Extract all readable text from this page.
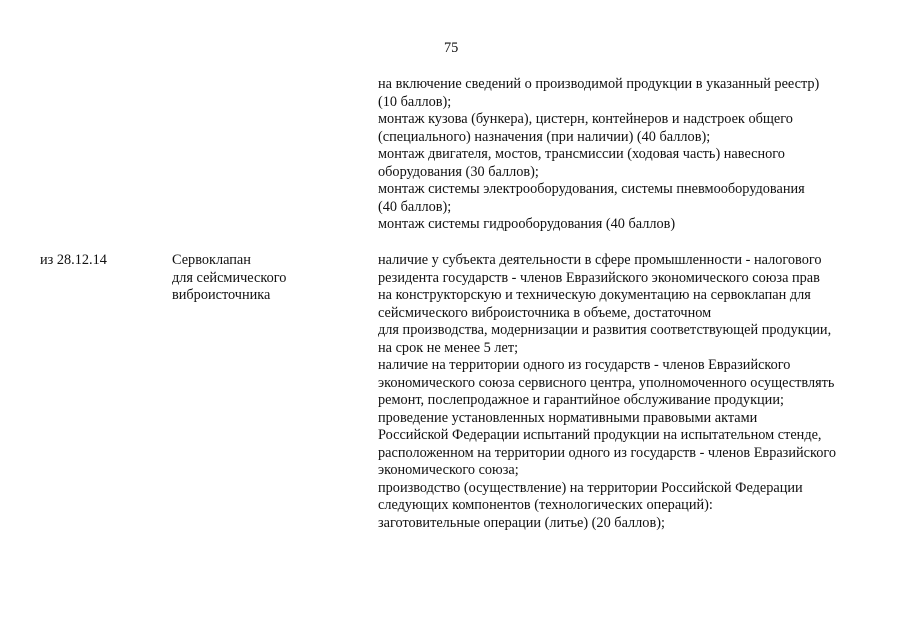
75
на включение сведений о производимой продукции в указанный реестр)
(10 баллов);
монтаж кузова (бункера), цистерн, контейнеров и надстроек общего
(специального) назначения (при наличии) (40 баллов);
монтаж двигателя, мостов, трансмиссии (ходовая часть) навесного
оборудования (30 баллов);
монтаж системы электрооборудования, системы пневмооборудования
(40 баллов);
монтаж системы гидрооборудования (40 баллов)
из 28.12.14	Сервоклапан
для сейсмического
виброисточника
наличие у субъекта деятельности в сфере промышленности - налогового
резидента государств - членов Евразийского экономического союза прав
на конструкторскую и техническую документацию на сервоклапан для
сейсмического виброисточника в объеме, достаточном
для производства, модернизации и развития соответствующей продукции,
на срок не менее 5 лет;
наличие на территории одного из государств - членов Евразийского
экономического союза сервисного центра, уполномоченного осуществлять
ремонт, послепродажное и гарантийное обслуживание продукции;
проведение установленных нормативными правовыми актами
Российской Федерации испытаний продукции на испытательном стенде,
расположенном на территории одного из государств - членов Евразийского
экономического союза;
производство (осуществление) на территории Российской Федерации
следующих компонентов (технологических операций):
заготовительные операции (литье) (20 баллов);
